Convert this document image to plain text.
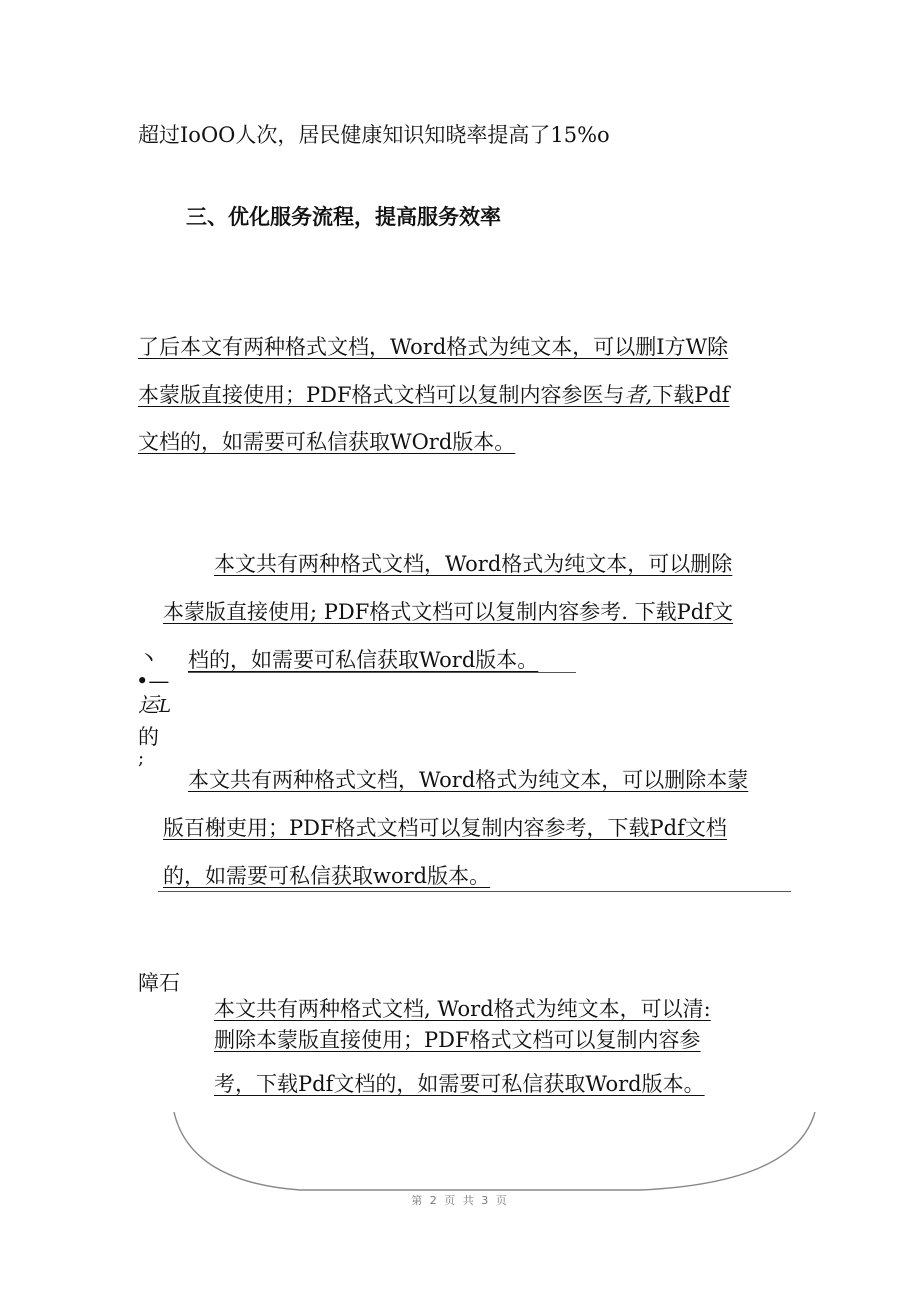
超过IoOO人次，居民健康知识知晓率提高了15%o
三、优化服务流程，提高服务效率
了后本文有两种格式文档，Word格式为纯文本，可以删I方W除
本蒙版直接使用；PDF格式文档可以复制内容参医与者,下载Pdf
文档的，如需要可私信获取WOrd版本。
本文共有两种格式文档，Word格式为纯文本，可以删除
本蒙版直接使用; PDF格式文档可以复制内容参考. 下载Pdf文
档的，如需要可私信获取Word版本。
丶
•—
运L
的
;
本文共有两种格式文档，Word格式为纯文本，可以删除本蒙
版百榭吏用；PDF格式文档可以复制内容参考，下载Pdf文档
的，如需要可私信获取word版本。
障石
本文共有两种格式文档, Word格式为纯文本，可以清:
删除本蒙版直接使用；PDF格式文档可以复制内容参
考，下载Pdf文档的，如需要可私信获取Word版本。
第 2 页 共 3 页
